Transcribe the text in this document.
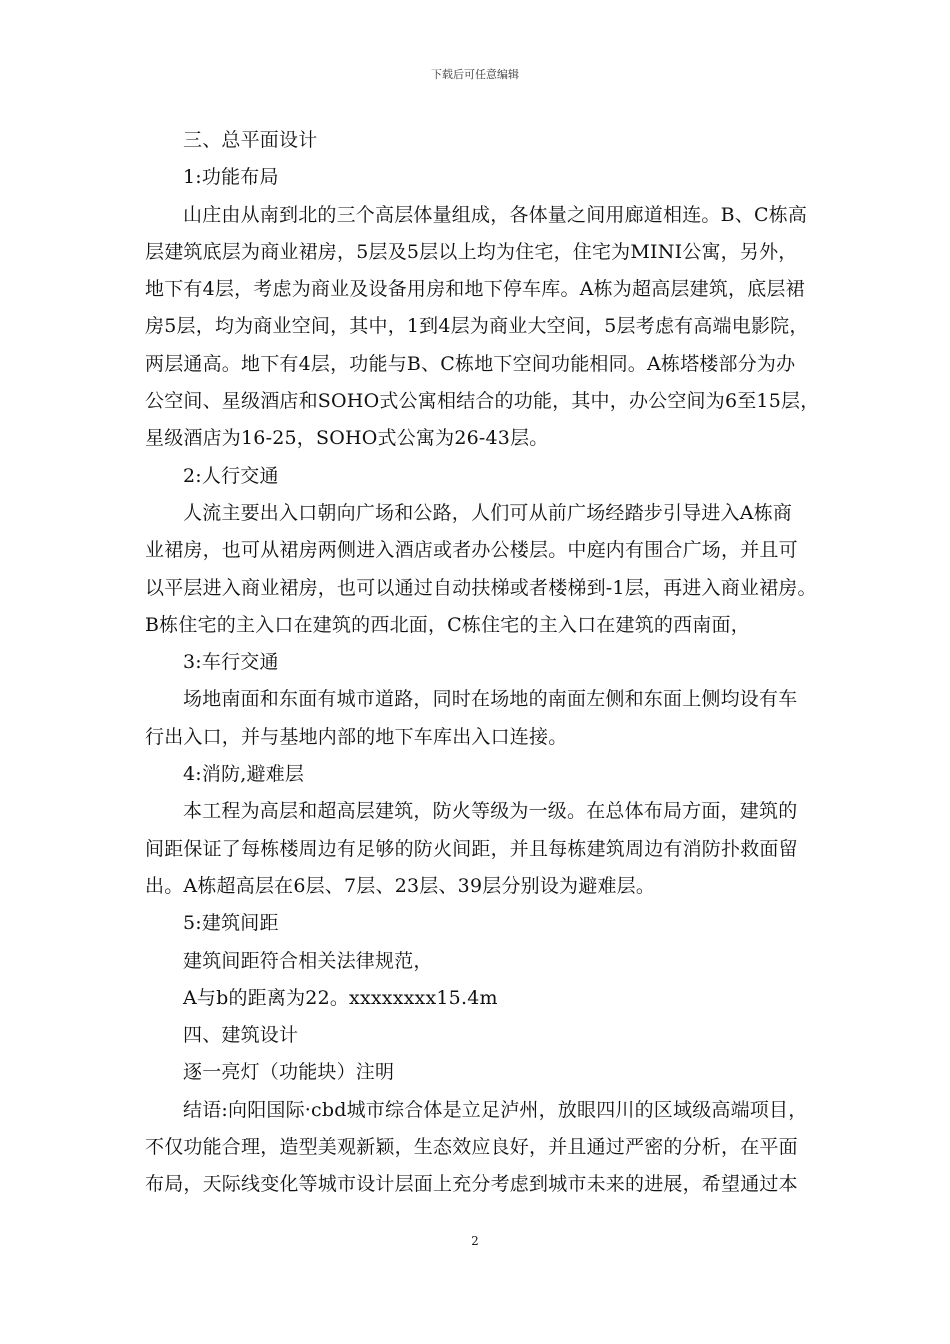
下载后可任意编辑
三、总平面设计
1:功能布局
山庄由从南到北的三个高层体量组成，各体量之间用廊道相连。B、C栋高
层建筑底层为商业裙房，5层及5层以上均为住宅，住宅为MINI公寓，另外，
地下有4层，考虑为商业及设备用房和地下停车库。A栋为超高层建筑，底层裙
房5层，均为商业空间，其中，1到4层为商业大空间，5层考虑有高端电影院，
两层通高。地下有4层，功能与B、C栋地下空间功能相同。A栋塔楼部分为办
公空间、星级酒店和SOHO式公寓相结合的功能，其中，办公空间为6至15层，
星级酒店为16-25，SOHO式公寓为26-43层。
2:人行交通
人流主要出入口朝向广场和公路，人们可从前广场经踏步引导进入A栋商
业裙房，也可从裙房两侧进入酒店或者办公楼层。中庭内有围合广场，并且可
以平层进入商业裙房，也可以通过自动扶梯或者楼梯到-1层，再进入商业裙房。
B栋住宅的主入口在建筑的西北面，C栋住宅的主入口在建筑的西南面，
3:车行交通
场地南面和东面有城市道路，同时在场地的南面左侧和东面上侧均设有车
行出入口，并与基地内部的地下车库出入口连接。
4:消防,避难层
本工程为高层和超高层建筑，防火等级为一级。在总体布局方面，建筑的
间距保证了每栋楼周边有足够的防火间距，并且每栋建筑周边有消防扑救面留
出。A栋超高层在6层、7层、23层、39层分别设为避难层。
5:建筑间距
建筑间距符合相关法律规范，
A与b的距离为22。xxxxxxxx15.4m
四、建筑设计
逐一亮灯（功能块）注明
结语:向阳国际·cbd城市综合体是立足泸州，放眼四川的区域级高端项目，
不仅功能合理，造型美观新颖，生态效应良好，并且通过严密的分析，在平面
布局，天际线变化等城市设计层面上充分考虑到城市未来的进展，希望通过本
2
